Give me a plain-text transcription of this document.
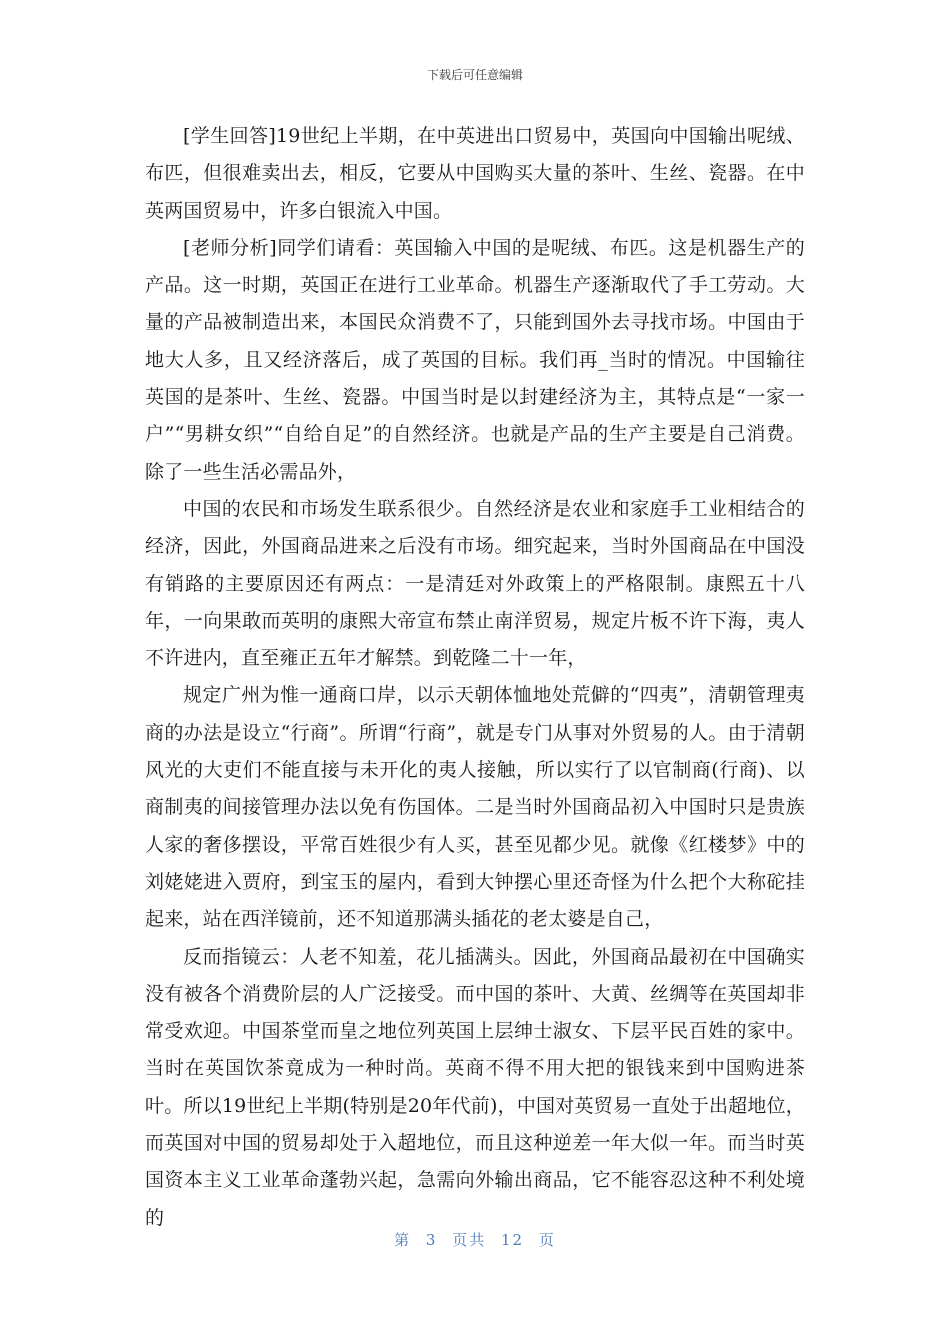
下载后可任意编辑

[学生回答]19世纪上半期，在中英进出口贸易中，英国向中国输出呢绒、布匹，但很难卖出去，相反，它要从中国购买大量的茶叶、生丝、瓷器。在中英两国贸易中，许多白银流入中国。

[老师分析]同学们请看：英国输入中国的是呢绒、布匹。这是机器生产的产品。这一时期，英国正在进行工业革命。机器生产逐渐取代了手工劳动。大量的产品被制造出来，本国民众消费不了，只能到国外去寻找市场。中国由于地大人多，且又经济落后，成了英国的目标。我们再_当时的情况。中国输往英国的是茶叶、生丝、瓷器。中国当时是以封建经济为主，其特点是“一家一户”“男耕女织”“自给自足”的自然经济。也就是产品的生产主要是自己消费。除了一些生活必需品外，

中国的农民和市场发生联系很少。自然经济是农业和家庭手工业相结合的经济，因此，外国商品进来之后没有市场。细究起来，当时外国商品在中国没有销路的主要原因还有两点：一是清廷对外政策上的严格限制。康熙五十八年，一向果敢而英明的康熙大帝宣布禁止南洋贸易，规定片板不许下海，夷人不许进内，直至雍正五年才解禁。到乾隆二十一年，

规定广州为惟一通商口岸，以示天朝体恤地处荒僻的“四夷”，清朝管理夷商的办法是设立“行商”。所谓“行商”，就是专门从事对外贸易的人。由于清朝风光的大吏们不能直接与未开化的夷人接触，所以实行了以官制商(行商)、以商制夷的间接管理办法以免有伤国体。二是当时外国商品初入中国时只是贵族人家的奢侈摆设，平常百姓很少有人买，甚至见都少见。就像《红楼梦》中的刘姥姥进入贾府，到宝玉的屋内，看到大钟摆心里还奇怪为什么把个大称砣挂起来，站在西洋镜前，还不知道那满头插花的老太婆是自己，

反而指镜云：人老不知羞，花儿插满头。因此，外国商品最初在中国确实没有被各个消费阶层的人广泛接受。而中国的茶叶、大黄、丝绸等在英国却非常受欢迎。中国茶堂而皇之地位列英国上层绅士淑女、下层平民百姓的家中。当时在英国饮茶竟成为一种时尚。英商不得不用大把的银钱来到中国购进茶叶。所以19世纪上半期(特别是20年代前)，中国对英贸易一直处于出超地位，而英国对中国的贸易却处于入超地位，而且这种逆差一年大似一年。而当时英国资本主义工业革命蓬勃兴起，急需向外输出商品，它不能容忍这种不利处境的

第 3 页共 12 页
